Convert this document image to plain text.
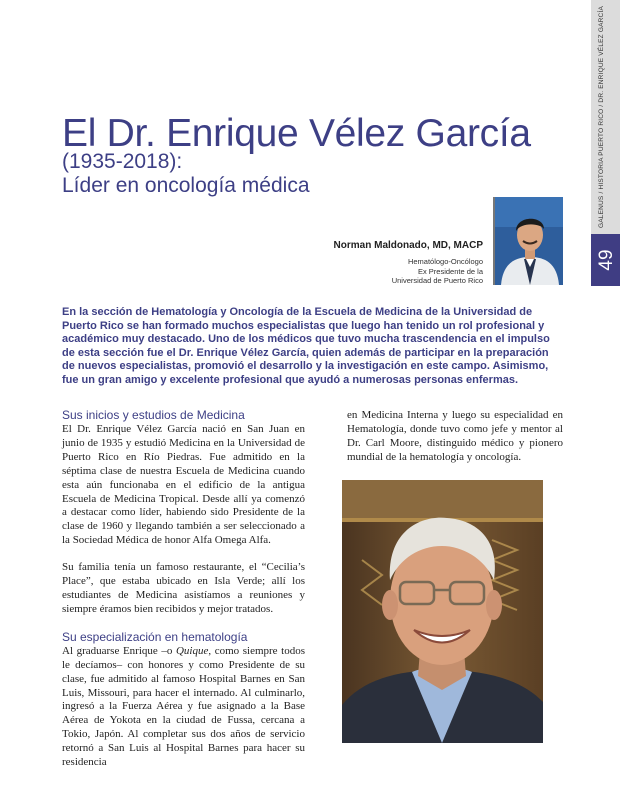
GALENUS / HISTORIA PUERTO RICO / DR. ENRIQUE VÉLEZ GARCÍA
49
El Dr. Enrique Vélez García
(1935-2018):
Líder en oncología médica
Norman Maldonado, MD, MACP
Hematólogo-Oncólogo
Ex Presidente de la
Universidad de Puerto Rico

En la sección de Hematología y Oncología de la Escuela de Medicina de la Universidad de Puerto Rico se han formado muchos especialistas que luego han tenido un rol profesional y académico muy destacado. Uno de los médicos que tuvo mucha trascendencia en el impulso de esta sección fue el Dr. Enrique Vélez García, quien además de participar en la preparación de nuevos especialistas, promovió el desarrollo y la investigación en este campo. Asimismo, fue un gran amigo y excelente profesional que ayudó a numerosas personas enfermas.

Sus inicios y estudios de Medicina

El Dr. Enrique Vélez García nació en San Juan en junio de 1935 y estudió Medicina en la Universidad de Puerto Rico en Río Piedras. Fue admitido en la séptima clase de nuestra Escuela de Medicina cuando esta aún funcionaba en el edificio de la antigua Escuela de Medicina Tropical. Desde allí ya comenzó a destacar como líder, habiendo sido Presidente de la clase de 1960 y llegando también a ser seleccionado a la Sociedad Médica de honor Alfa Omega Alfa.

Su familia tenía un famoso restaurante, el “Cecilia’s Place”, que estaba ubicado en Isla Verde; allí los estudiantes de Medicina asistíamos a reuniones y siempre éramos bien recibidos y mejor tratados.

Su especialización en hematología

Al graduarse Enrique –o Quique, como siempre todos le decíamos– con honores y como Presidente de su clase, fue admitido al famoso Hospital Barnes en San Luis, Missouri, para hacer el internado. Al culminarlo, ingresó a la Fuerza Aérea y fue asignado a la Base Aérea de Yokota en la ciudad de Fussa, cercana a Tokio, Japón. Al completar sus dos años de servicio retornó a San Luis al Hospital Barnes para hacer su residencia

en Medicina Interna y luego su especialidad en Hematología, donde tuvo como jefe y mentor al Dr. Carl Moore, distinguido médico y pionero mundial de la hematología y oncología.
